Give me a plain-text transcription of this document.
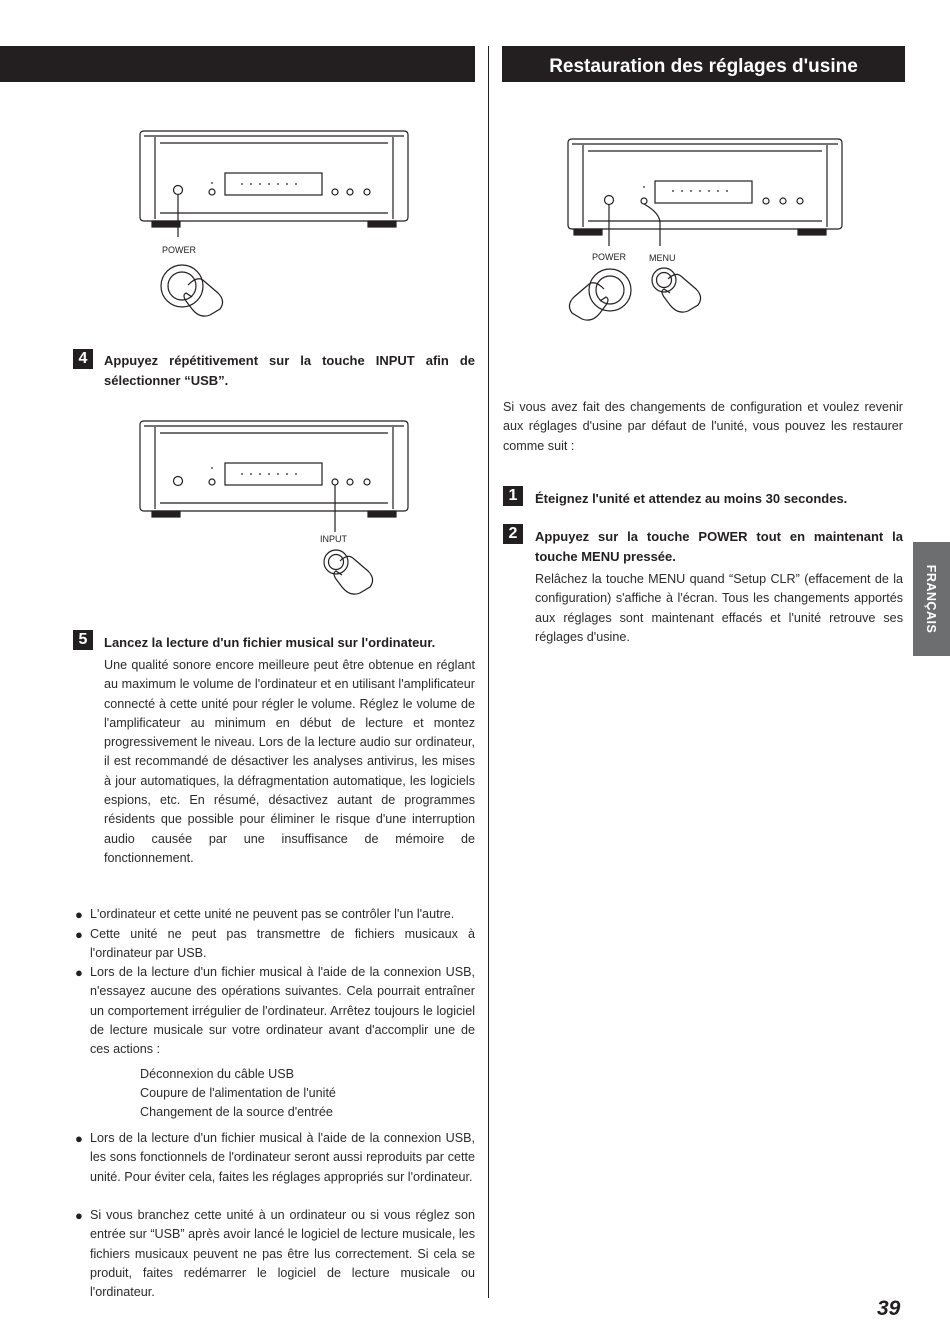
Restauration des réglages d'usine
POWER
4	Appuyez répétitivement sur la touche INPUT afin de sélectionner “USB”.
INPUT
5	Lancez la lecture d'un fichier musical sur l'ordinateur.
Une qualité sonore encore meilleure peut être obtenue en réglant au maximum le volume de l'ordinateur et en utilisant l'amplificateur connecté à cette unité pour régler le volume. Réglez le volume de l'amplificateur au minimum en début de lecture et montez progressivement le niveau. Lors de la lecture audio sur ordinateur, il est recommandé de désactiver les analyses antivirus, les mises à jour automatiques, la défragmentation automatique, les logiciels espions, etc. En résumé, désactivez autant de programmes résidents que possible pour éliminer le risque d'une interruption audio causée par une insuffisance de mémoire de fonctionnement.
● L'ordinateur et cette unité ne peuvent pas se contrôler l'un l'autre.
● Cette unité ne peut pas transmettre de fichiers musicaux à l'ordinateur par USB.
● Lors de la lecture d'un fichier musical à l'aide de la connexion USB, n'essayez aucune des opérations suivantes. Cela pourrait entraîner un comportement irrégulier de l'ordinateur. Arrêtez toujours le logiciel de lecture musicale sur votre ordinateur avant d'accomplir une de ces actions :
Déconnexion du câble USB
Coupure de l'alimentation de l'unité
Changement de la source d'entrée
● Lors de la lecture d'un fichier musical à l'aide de la connexion USB, les sons fonctionnels de l'ordinateur seront aussi reproduits par cette unité. Pour éviter cela, faites les réglages appropriés sur l'ordinateur.
● Si vous branchez cette unité à un ordinateur ou si vous réglez son entrée sur “USB” après avoir lancé le logiciel de lecture musicale, les fichiers musicaux peuvent ne pas être lus correctement. Si cela se produit, faites redémarrer le logiciel de lecture musicale ou l'ordinateur.
POWER	MENU
Si vous avez fait des changements de configuration et voulez revenir aux réglages d'usine par défaut de l'unité, vous pouvez les restaurer comme suit :
1	Éteignez l'unité et attendez au moins 30 secondes.
2	Appuyez sur la touche POWER tout en maintenant la touche MENU pressée.
Relâchez la touche MENU quand “Setup CLR” (effacement de la configuration) s'affiche à l'écran. Tous les changements apportés aux réglages sont maintenant effacés et l'unité retrouve ses réglages d'usine.
FRANÇAIS
39
